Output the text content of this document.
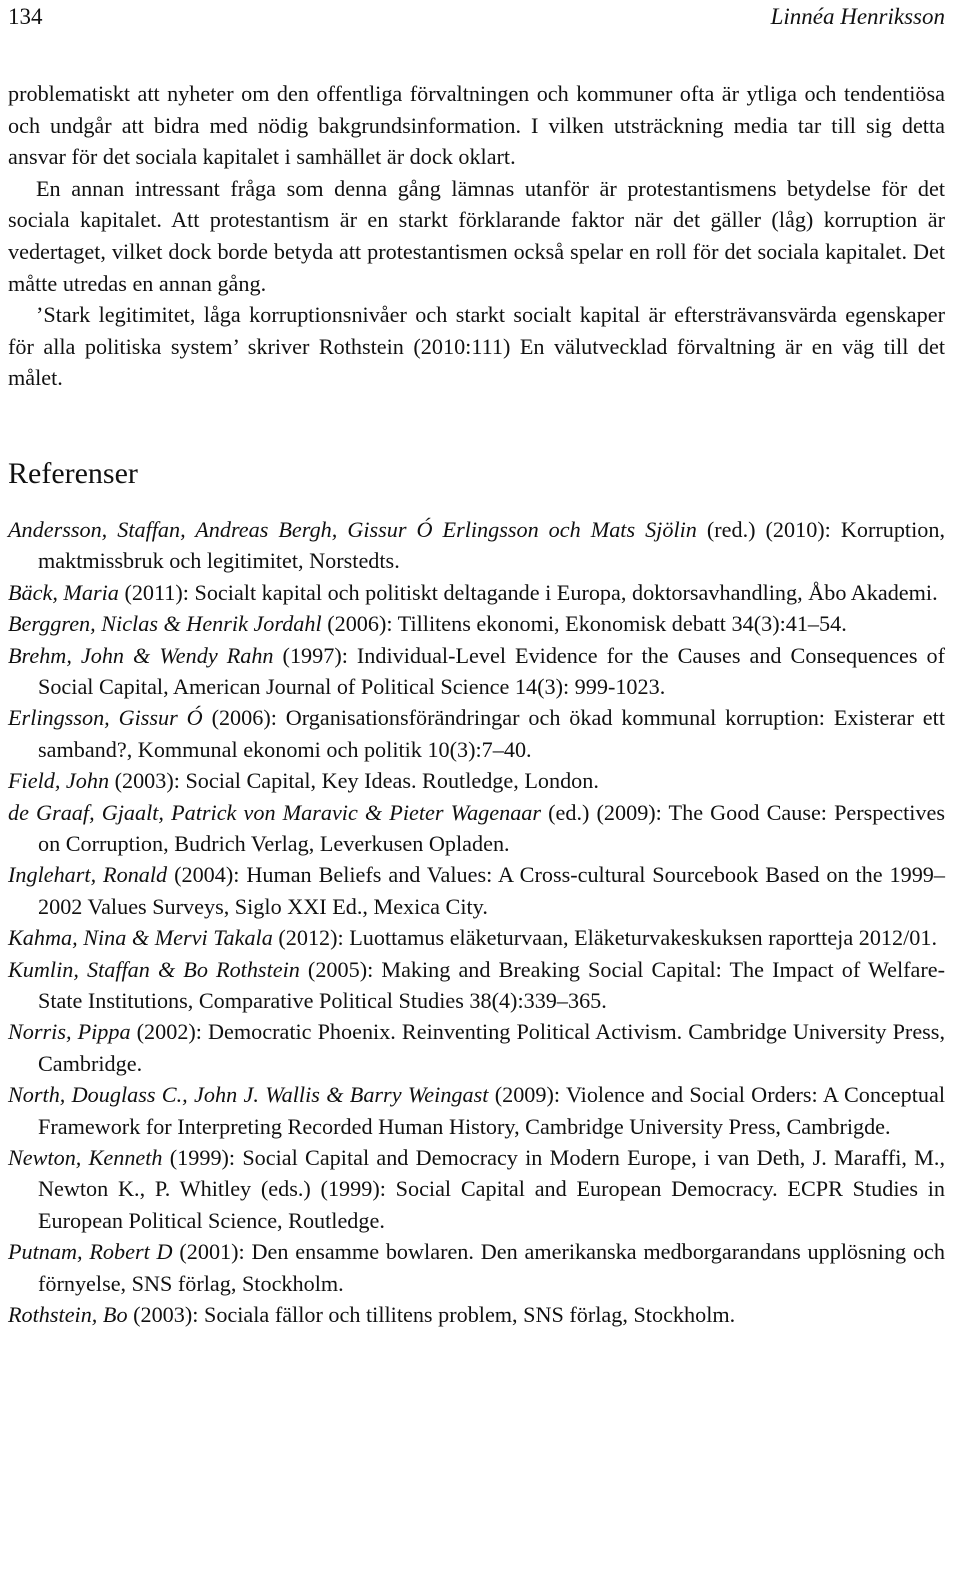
134	Linnéa Henriksson

problematiskt att nyheter om den offentliga förvaltningen och kommuner ofta är ytliga och tendentiösa och undgår att bidra med nödig bakgrundsinformation. I vilken utsträckning media tar till sig detta ansvar för det sociala kapitalet i samhället är dock oklart.

En annan intressant fråga som denna gång lämnas utanför är protestantismens betydelse för det sociala kapitalet. Att protestantism är en starkt förklarande faktor när det gäller (låg) korruption är vedertaget, vilket dock borde betyda att protestantismen också spelar en roll för det sociala kapitalet. Det måtte utredas en annan gång.

’Stark legitimitet, låga korruptionsnivåer och starkt socialt kapital är eftersträvansvärda egenskaper för alla politiska system’ skriver Rothstein (2010:111) En välutvecklad förvaltning är en väg till det målet.

Referenser

Andersson, Staffan, Andreas Bergh, Gissur Ó Erlingsson och Mats Sjölin (red.) (2010): Korruption, maktmissbruk och legitimitet, Norstedts.

Bäck, Maria (2011): Socialt kapital och politiskt deltagande i Europa, doktorsavhandling, Åbo Akademi.

Berggren, Niclas & Henrik Jordahl (2006): Tillitens ekonomi, Ekonomisk debatt 34(3):41–54.

Brehm, John & Wendy Rahn (1997): Individual-Level Evidence for the Causes and Consequences of Social Capital, American Journal of Political Science 14(3): 999-1023.

Erlingsson, Gissur Ó (2006): Organisationsförändringar och ökad kommunal korruption: Existerar ett samband?, Kommunal ekonomi och politik 10(3):7–40.

Field, John (2003): Social Capital, Key Ideas. Routledge, London.

de Graaf, Gjaalt, Patrick von Maravic & Pieter Wagenaar (ed.) (2009): The Good Cause: Perspectives on Corruption, Budrich Verlag, Leverkusen Opladen.

Inglehart, Ronald (2004): Human Beliefs and Values: A Cross-cultural Sourcebook Based on the 1999–2002 Values Surveys, Siglo XXI Ed., Mexica City.

Kahma, Nina & Mervi Takala (2012): Luottamus eläketurvaan, Eläketurvakeskuksen raportteja 2012/01.

Kumlin, Staffan & Bo Rothstein (2005): Making and Breaking Social Capital: The Impact of Welfare-State Institutions, Comparative Political Studies 38(4):339–365.

Norris, Pippa (2002): Democratic Phoenix. Reinventing Political Activism. Cambridge University Press, Cambridge.

North, Douglass C., John J. Wallis & Barry Weingast (2009): Violence and Social Orders: A Conceptual Framework for Interpreting Recorded Human History, Cambridge University Press, Cambrigde.

Newton, Kenneth (1999): Social Capital and Democracy in Modern Europe, i van Deth, J. Maraffi, M., Newton K., P. Whitley (eds.) (1999): Social Capital and European Democracy. ECPR Studies in European Political Science, Routledge.

Putnam, Robert D (2001): Den ensamme bowlaren. Den amerikanska medborgarandans upplösning och förnyelse, SNS förlag, Stockholm.

Rothstein, Bo (2003): Sociala fällor och tillitens problem, SNS förlag, Stockholm.
